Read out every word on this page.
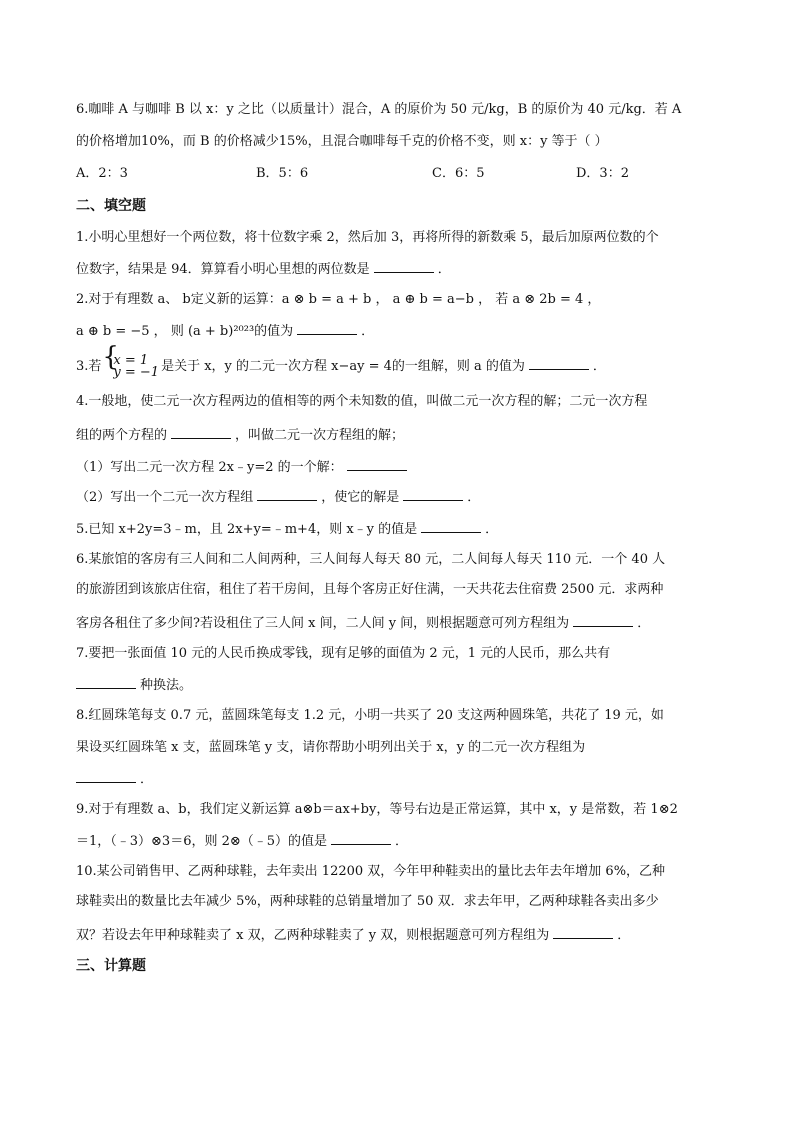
6.咖啡 A 与咖啡 B 以 x：y 之比（以质量计）混合，A 的原价为 50 元/kg，B 的原价为 40 元/kg．若 A
的价格增加10%，而 B 的价格减少15%，且混合咖啡每千克的价格不变，则 x：y 等于（ ）
A．2：3	B．5：6	C．6：5	D．3：2
二、填空题
1.小明心里想好一个两位数，将十位数字乘 2，然后加 3，再将所得的新数乘 5，最后加原两位数的个
位数字，结果是 94．算算看小明心里想的两位数是	．
2.对于有理数 a、 b定义新的运算：a ⊗ b = a + b ， a ⊕ b = a−b ， 若 a ⊗ 2b = 4 ，
a ⊕ b = −5 ， 则 (a + b)²⁰²³的值为	．
3.若
{ x = 1
y = −1 是关于 x，y 的二元一次方程 x−ay = 4的一组解，则 a 的值为	．
4.一般地，使二元一次方程两边的值相等的两个未知数的值，叫做二元一次方程的解；二元一次方程
组的两个方程的	，叫做二元一次方程组的解；
（1）写出二元一次方程 2x﹣y=2 的一个解：
（2）写出一个二元一次方程组	，使它的解是	．
5.已知 x+2y=3﹣m，且 2x+y=﹣m+4，则 x﹣y 的值是	．
6.某旅馆的客房有三人间和二人间两种，三人间每人每天 80 元，二人间每人每天 110 元．一个 40 人
的旅游团到该旅店住宿，租住了若干房间，且每个客房正好住满，一天共花去住宿费 2500 元．求两种
客房各租住了多少间?若设租住了三人间 x 间，二人间 y 间，则根据题意可列方程组为	．
7.要把一张面值 10 元的人民币换成零钱，现有足够的面值为 2 元，1 元的人民币，那么共有
种换法。
8.红圆珠笔每支 0.7 元，蓝圆珠笔每支 1.2 元，小明一共买了 20 支这两种圆珠笔，共花了 19 元，如
果设买红圆珠笔 x 支，蓝圆珠笔 y 支，请你帮助小明列出关于 x，y 的二元一次方程组为
．
9.对于有理数 a、b，我们定义新运算 a⊗b＝ax+by，等号右边是正常运算，其中 x，y 是常数，若 1⊗2
＝1，（﹣3）⊗3＝6，则 2⊗（﹣5）的值是	．
10.某公司销售甲、乙两种球鞋，去年卖出 12200 双，今年甲种鞋卖出的量比去年去年增加 6%，乙种
球鞋卖出的数量比去年减少 5%，两种球鞋的总销量增加了 50 双．求去年甲，乙两种球鞋各卖出多少
双？若设去年甲种球鞋卖了 x 双，乙两种球鞋卖了 y 双，则根据题意可列方程组为	．
三、计算题
